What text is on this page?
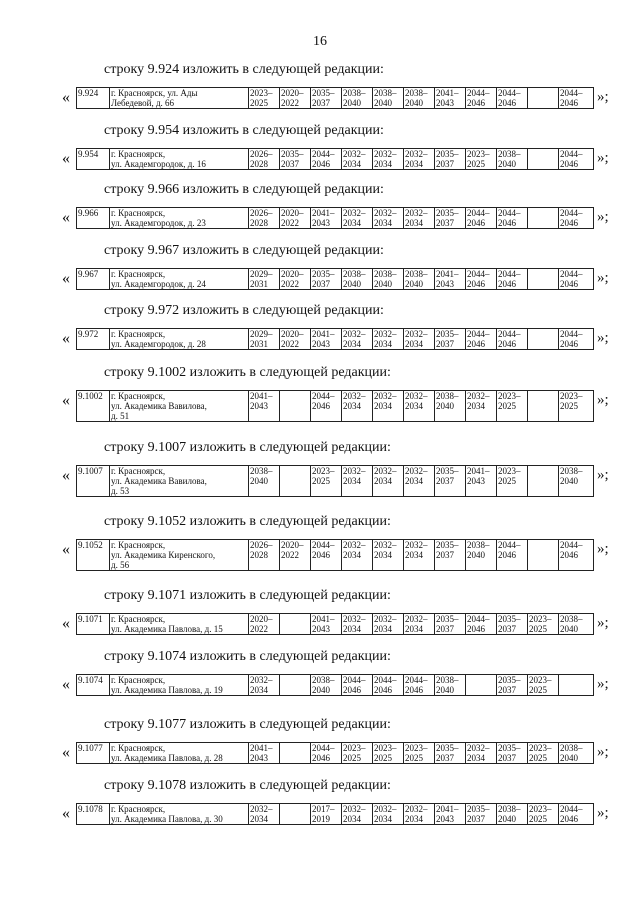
16
строку 9.924 изложить в следующей редакции:
« 9.924	г. Красноярск, ул. Ады
Лебедевой, д. 66	2023–
2025	2020–
2022	2035–
2037	2038–
2040	2038–
2040	2038–
2040	2041–
2043	2044–
2046	2044–
2046		2044–
2046 »;
строку 9.954 изложить в следующей редакции:
« 9.954	г. Красноярск,
ул. Академгородок, д. 16	2026–
2028	2035–
2037	2044–
2046	2032–
2034	2032–
2034	2032–
2034	2035–
2037	2023–
2025	2038–
2040		2044–
2046 »;
строку 9.966 изложить в следующей редакции:
« 9.966	г. Красноярск,
ул. Академгородок, д. 23	2026–
2028	2020–
2022	2041–
2043	2032–
2034	2032–
2034	2032–
2034	2035–
2037	2044–
2046	2044–
2046		2044–
2046 »;
строку 9.967 изложить в следующей редакции:
« 9.967	г. Красноярск,
ул. Академгородок, д. 24	2029–
2031	2020–
2022	2035–
2037	2038–
2040	2038–
2040	2038–
2040	2041–
2043	2044–
2046	2044–
2046		2044–
2046 »;
строку 9.972 изложить в следующей редакции:
« 9.972	г. Красноярск,
ул. Академгородок, д. 28	2029–
2031	2020–
2022	2041–
2043	2032–
2034	2032–
2034	2032–
2034	2035–
2037	2044–
2046	2044–
2046		2044–
2046 »;
строку 9.1002 изложить в следующей редакции:
« 9.1002	г. Красноярск,
ул. Академика Вавилова,
д. 51	2041–
2043		2044–
2046	2032–
2034	2032–
2034	2032–
2034	2038–
2040	2032–
2034	2023–
2025		2023–
2025 »;
строку 9.1007 изложить в следующей редакции:
« 9.1007	г. Красноярск,
ул. Академика Вавилова,
д. 53	2038–
2040		2023–
2025	2032–
2034	2032–
2034	2032–
2034	2035–
2037	2041–
2043	2023–
2025		2038–
2040 »;
строку 9.1052 изложить в следующей редакции:
« 9.1052	г. Красноярск,
ул. Академика Киренского,
д. 56	2026–
2028	2020–
2022	2044–
2046	2032–
2034	2032–
2034	2032–
2034	2035–
2037	2038–
2040	2044–
2046		2044–
2046 »;
строку 9.1071 изложить в следующей редакции:
« 9.1071	г. Красноярск,
ул. Академика Павлова, д. 15	2020–
2022		2041–
2043	2032–
2034	2032–
2034	2032–
2034	2035–
2037	2044–
2046	2035–
2037	2023–
2025	2038–
2040 »;
строку 9.1074 изложить в следующей редакции:
« 9.1074	г. Красноярск,
ул. Академика Павлова, д. 19	2032–
2034		2038–
2040	2044–
2046	2044–
2046	2044–
2046	2038–
2040		2035–
2037	2023–
2025		»;
строку 9.1077 изложить в следующей редакции:
« 9.1077	г. Красноярск,
ул. Академика Павлова, д. 28	2041–
2043		2044–
2046	2023–
2025	2023–
2025	2023–
2025	2035–
2037	2032–
2034	2035–
2037	2023–
2025	2038–
2040 »;
строку 9.1078 изложить в следующей редакции:
« 9.1078	г. Красноярск,
ул. Академика Павлова, д. 30	2032–
2034		2017–
2019	2032–
2034	2032–
2034	2032–
2034	2041–
2043	2035–
2037	2038–
2040	2023–
2025	2044–
2046 »;
